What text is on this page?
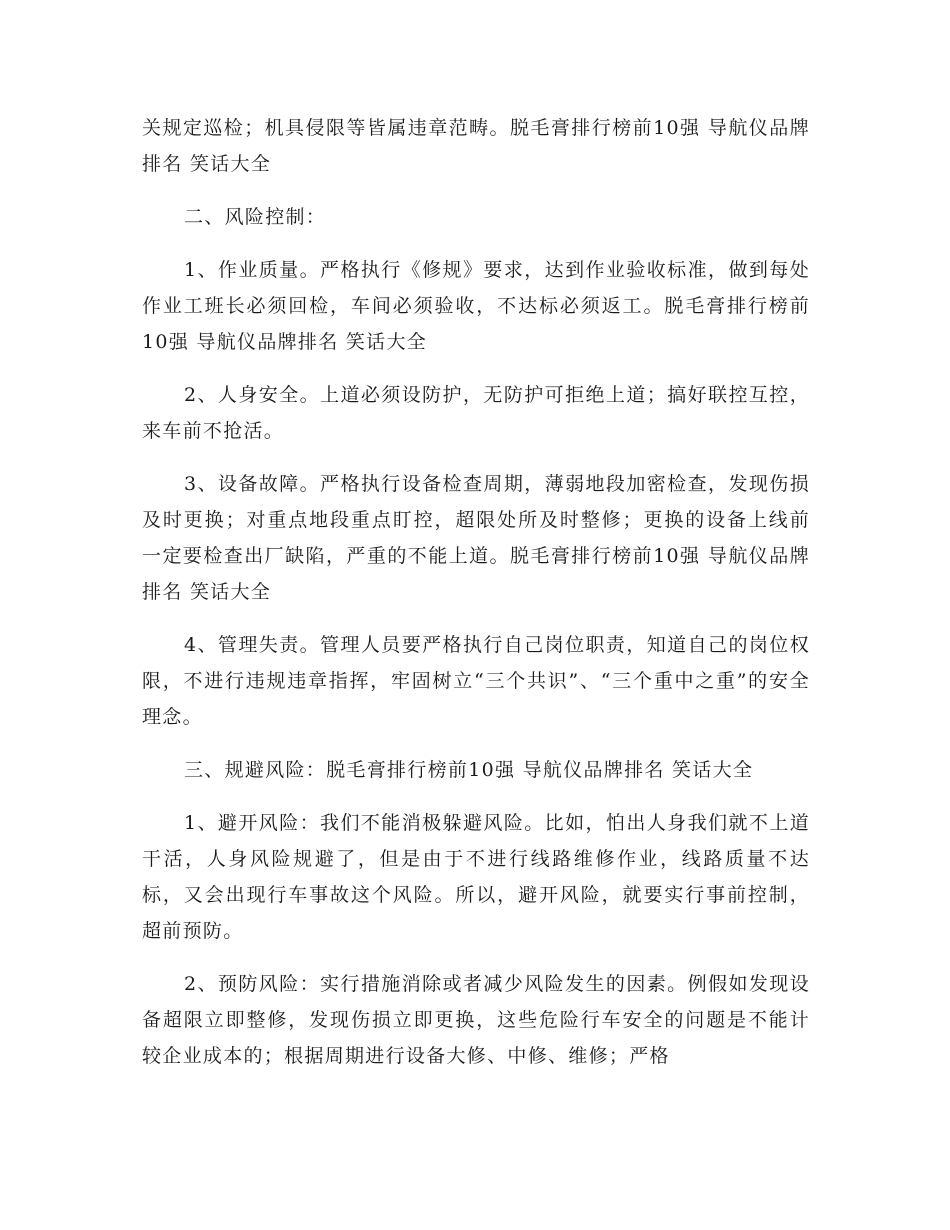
关规定巡检；机具侵限等皆属违章范畴。脱毛膏排行榜前10强 导航仪品牌排名 笑话大全

二、风险控制：

1、作业质量。严格执行《修规》要求，达到作业验收标准，做到每处作业工班长必须回检，车间必须验收，不达标必须返工。脱毛膏排行榜前10强 导航仪品牌排名 笑话大全

2、人身安全。上道必须设防护，无防护可拒绝上道；搞好联控互控，来车前不抢活。

3、设备故障。严格执行设备检查周期，薄弱地段加密检查，发现伤损及时更换；对重点地段重点盯控，超限处所及时整修；更换的设备上线前一定要检查出厂缺陷，严重的不能上道。脱毛膏排行榜前10强 导航仪品牌排名 笑话大全

4、管理失责。管理人员要严格执行自己岗位职责，知道自己的岗位权限，不进行违规违章指挥，牢固树立“三个共识”、“三个重中之重”的安全理念。

三、规避风险：脱毛膏排行榜前10强 导航仪品牌排名 笑话大全

1、避开风险：我们不能消极躲避风险。比如，怕出人身我们就不上道干活，人身风险规避了，但是由于不进行线路维修作业，线路质量不达标，又会出现行车事故这个风险。所以，避开风险，就要实行事前控制，超前预防。

2、预防风险：实行措施消除或者减少风险发生的因素。例假如发现设备超限立即整修，发现伤损立即更换，这些危险行车安全的问题是不能计较企业成本的；根据周期进行设备大修、中修、维修；严格
